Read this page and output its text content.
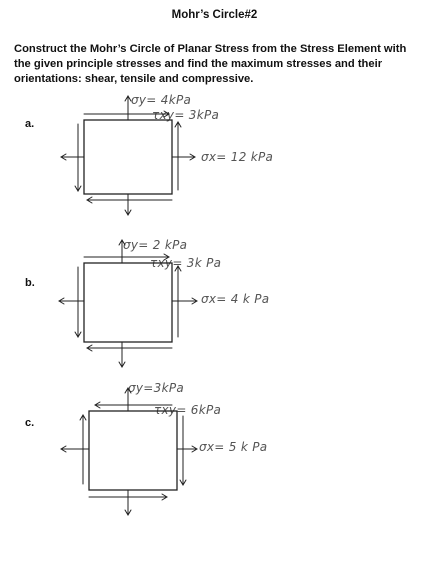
Mohr’s Circle#2
Construct the Mohr’s Circle of Planar Stress from the Stress Element with the given principle stresses and find the maximum stresses and their orientations: shear, tensile and compressive.
a.
σy= 4kPa
τxy= 3kPa
σx= 12 kPa
b.
σy= 2 kPa
τxy= 3k Pa
σx= 4 k Pa
c.
σy=3kPa
τxy= 6kPa
σx= 5 k Pa
